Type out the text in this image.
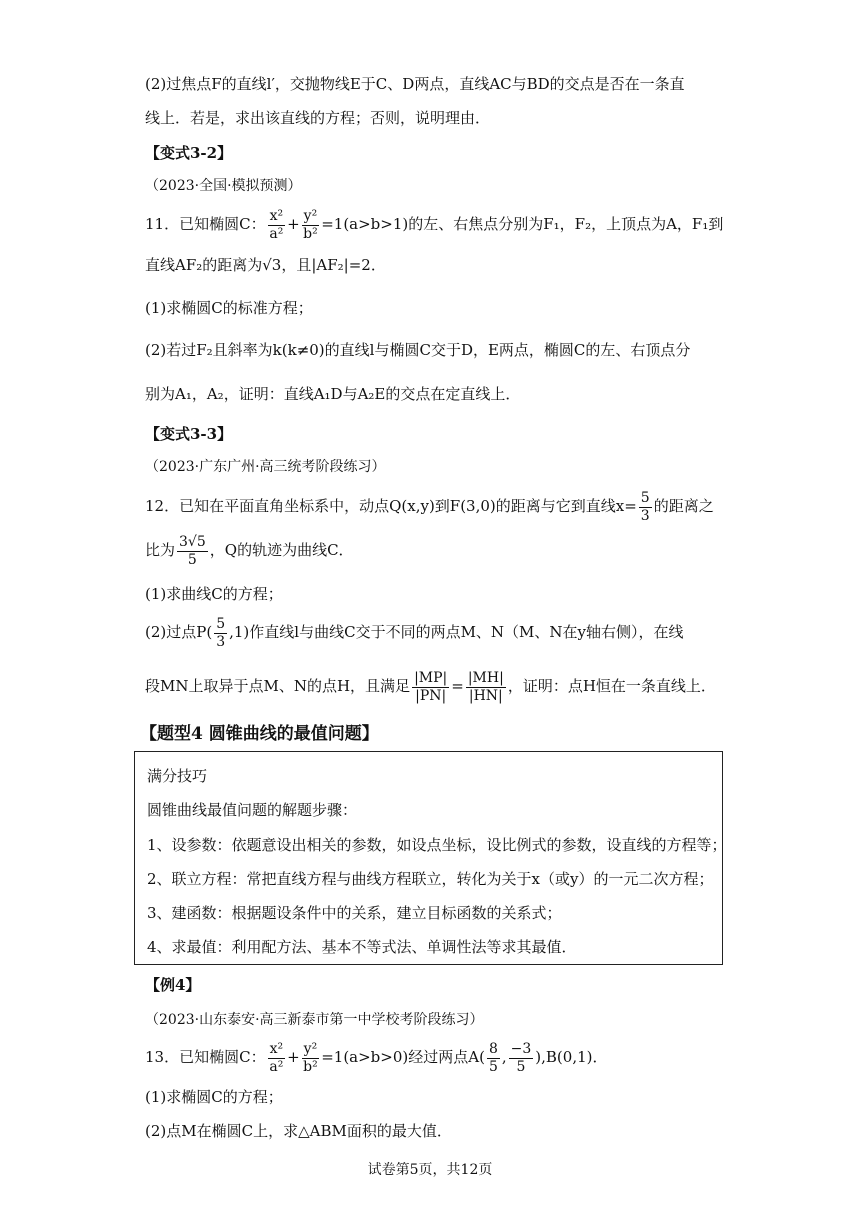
(2)过焦点F的直线l′，交抛物线E于C、D两点，直线AC与BD的交点是否在一条直
线上．若是，求出该直线的方程；否则，说明理由．
【变式3-2】
（2023·全国·模拟预测）
11．已知椭圆C： $\frac{\text{x²}}{\text{a²}} + \frac{\text{y²}}{\text{b²}} =1(a>b>1)$的左、右焦点分别为F₁，F₂，上顶点为A，F₁到
直线AF₂的距离为√3，且|AF₂|=2．
(1)求椭圆C的标准方程；
(2)若过F₂且斜率为k(k≠0)的直线l与椭圆C交于D，E两点，椭圆C的左、右顶点分
别为A₁，A₂，证明：直线A₁D与A₂E的交点在定直线上．
【变式3-3】
（2023·广东广州·高三统考阶段练习）
12．已知在平面直角坐标系中，动点Q(x,y)到F(3,0)的距离与它到直线$x= \frac{5}{3}$ 的距离之
比为 $\frac{3√5}{5}$ ，Q的轨迹为曲线C．
(1)求曲线C的方程；
(2)过点$P( \frac{5}{3} ,1)$作直线l与曲线C交于不同的两点M、N（M、N在y轴右侧），在线
段MN上取异于点M、N的点H，且满足 $\frac{|MP|}{|PN|} = \frac{|MH|}{|HN|}$ ，证明：点H恒在一条直线上．
【题型4 圆锥曲线的最值问题】
满分技巧
圆锥曲线最值问题的解题步骤：
1、设参数：依题意设出相关的参数，如设点坐标，设比例式的参数，设直线的方程等；
2、联立方程：常把直线方程与曲线方程联立，转化为关于x（或y）的一元二次方程；
3、建函数：根据题设条件中的关系，建立目标函数的关系式；
4、求最值：利用配方法、基本不等式法、单调性法等求其最值．
【例4】
（2023·山东泰安·高三新泰市第一中学校考阶段练习）
13．已知椭圆C： $\frac{\text{x²}}{\text{a²}} + \frac{\text{y²}}{\text{b²}} =1(a>b>0)$经过两点$A( \frac{8}{5}$ , $\frac{-3}{5} ),B(0,1)$．
(1)求椭圆C的方程；
(2)点M在椭圆C上，求△ABM面积的最大值．
试卷第5页，共12页
